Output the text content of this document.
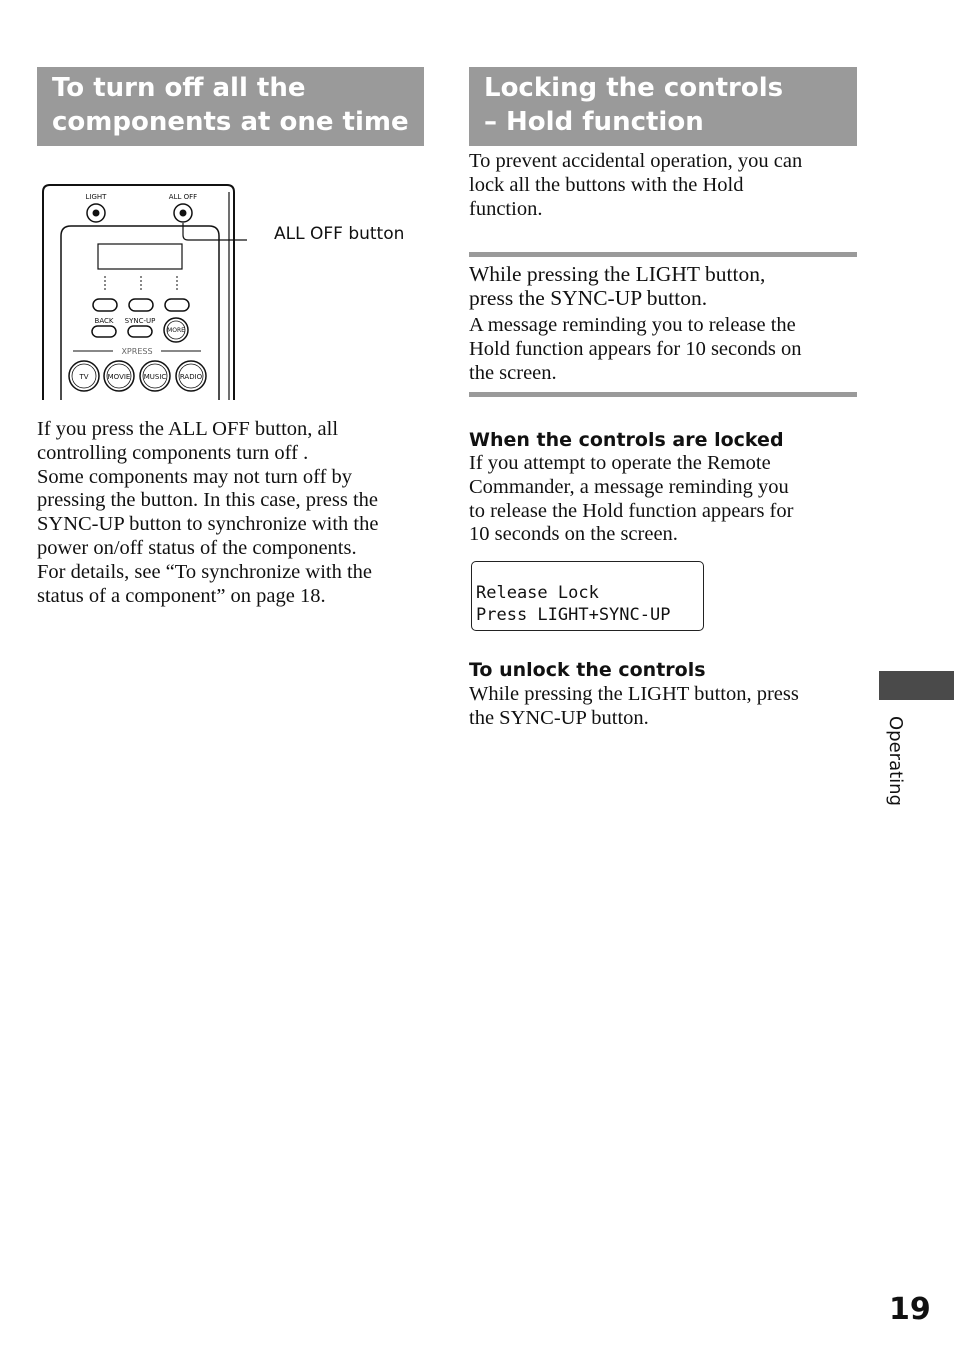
To turn off all the
components at one time
LIGHT	ALL OFF
BACK SYNC-UP
MORE
XPRESS
TV	MOVIE MUSIC RADIO
ALL OFF button
If you press the ALL OFF button, all
controlling components turn off .
Some components may not turn off by
pressing the button. In this case, press the
SYNC-UP button to synchronize with the
power on/off status of the components.
For details, see “To synchronize with the
status of a component” on page 18.
Locking the controls
– Hold function
To prevent accidental operation, you can
lock all the buttons with the Hold
function.
While pressing the LIGHT button,
press the SYNC-UP button.
A message reminding you to release the
Hold function appears for 10 seconds on
the screen.
When the controls are locked
If you attempt to operate the Remote
Commander, a message reminding you
to release the Hold function appears for
10 seconds on the screen.
Release Lock
Press LIGHT+SYNC-UP
To unlock the controls
While pressing the LIGHT button, press
the SYNC-UP button.	Operating
19
